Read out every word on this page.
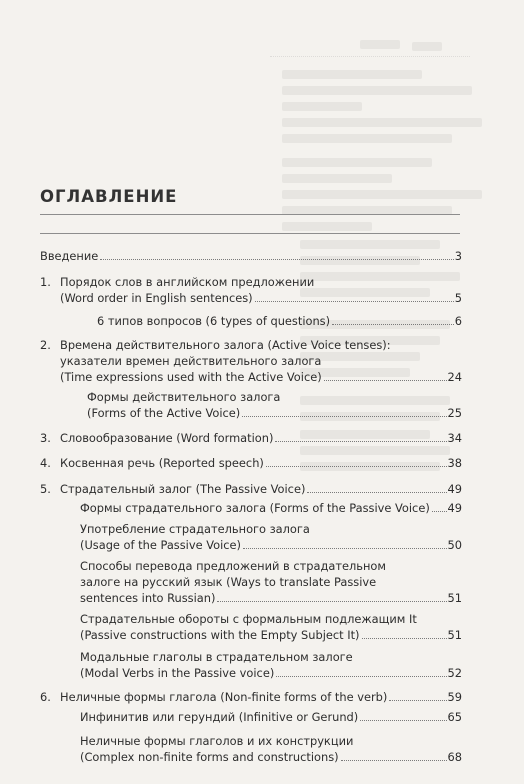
ОГЛАВЛЕНИЕ
Введение	3
1. Порядок слов в английском предложении
(Word order in English sentences)	5
6 типов вопросов (6 types of questions)	6
2. Времена действительного залога (Active Voice tenses):
указатели времен действительного залога
(Time expressions used with the Active Voice)	24
Формы действительного залога
(Forms of the Active Voice)	25
3. Словообразование (Word formation)	34
4. Косвенная речь (Reported speech)	38
5. Страдательный залог (The Passive Voice)	49
Формы страдательного залога (Forms of the Passive Voice) 49
Употребление страдательного залога
(Usage of the Passive Voice)	50
Способы перевода предложений в страдательном
залоге на русский язык (Ways to translate Passive
sentences into Russian)	51
Страдательные обороты с формальным подлежащим It
(Passive constructions with the Empty Subject It)	51
Модальные глаголы в страдательном залоге
(Modal Verbs in the Passive voice)	52
6. Неличные формы глагола (Non-finite forms of the verb)	59
Инфинитив или герундий (Infinitive or Gerund)	65
Неличные формы глаголов и их конструкции
(Complex non-finite forms and constructions)	68
